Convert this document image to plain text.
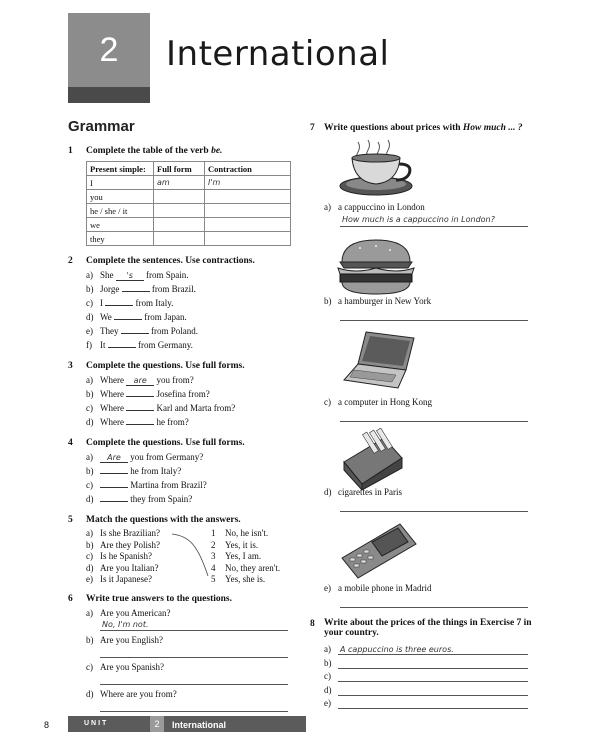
2	International
Grammar
1 Complete the table of the verb be.
Present simple:	Full form	Contraction
I	am	I'm
you		
he / she / it		
we		
they		
2 Complete the sentences. Use contractions.
a) She 's from Spain.
b) Jorge	from Brazil.
c) I	from Italy.
d) We	from Japan.
e) They	from Poland.
f) It	from Germany.
3 Complete the questions. Use full forms.
a) Where are you from?
b) Where	Josefina from?
c) Where	Karl and Marta from?
d) Where	he from?
4 Complete the questions. Use full forms.
a) Are you from Germany?
b)	he from Italy?
c)	Martina from Brazil?
d)	they from Spain?
5 Match the questions with the answers.
a) Is she Brazilian?
b) Are they Polish?
c) Is he Spanish?
d) Are you Italian?
e) Is it Japanese?
1 No, he isn't.
2 Yes, it is.
3 Yes, I am.
4 No, they aren't.
5 Yes, she is.
6 Write true answers to the questions.
a) Are you American?
No, I'm not.
b) Are you English?
c) Are you Spanish?
d) Where are you from?
7 Write questions about prices with How much ... ?
a) a cappuccino in London
How much is a cappuccino in London?
b) a hamburger in New York
c) a computer in Hong Kong
d) cigarettes in Paris
e) a mobile phone in Madrid
8 Write about the prices of the things in Exercise 7 in your country.
a) A cappuccino is three euros.
b)
c)
d)
e)
8	UNIT	2	International
